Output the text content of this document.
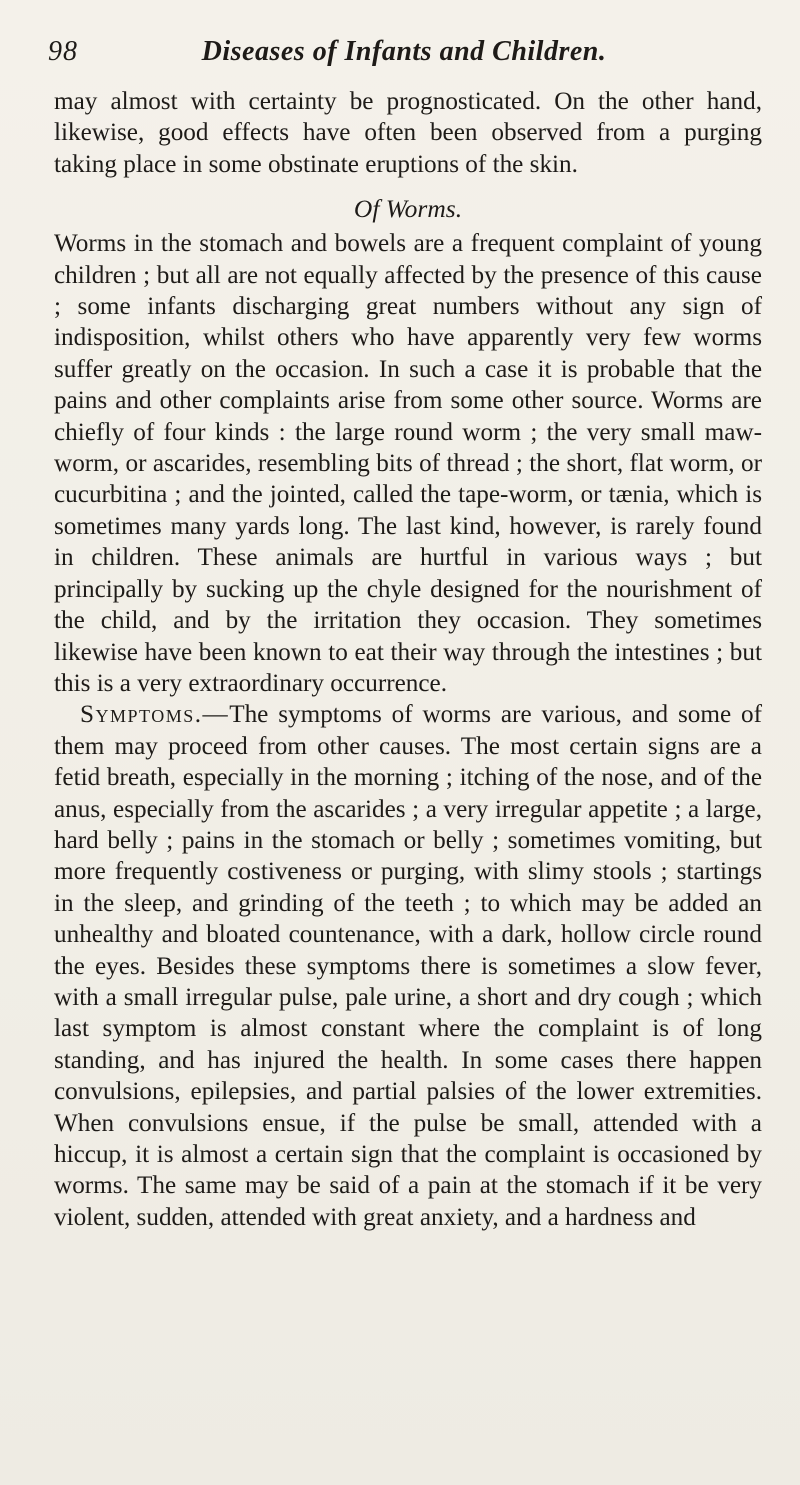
98	Diseases of Infants and Children.

may almost with certainty be prognosticated. On the other hand, likewise, good effects have often been observed from a purging taking place in some obstinate eruptions of the skin.

Of Worms.

Worms in the stomach and bowels are a frequent complaint of young children ; but all are not equally affected by the presence of this cause ; some infants discharging great numbers without any sign of indisposition, whilst others who have apparently very few worms suffer greatly on the occasion. In such a case it is probable that the pains and other complaints arise from some other source. Worms are chiefly of four kinds : the large round worm ; the very small maw-worm, or ascarides, resembling bits of thread ; the short, flat worm, or cucurbitina ; and the jointed, called the tape-worm, or tænia, which is sometimes many yards long. The last kind, however, is rarely found in children. These animals are hurtful in various ways ; but principally by sucking up the chyle designed for the nourishment of the child, and by the irritation they occasion. They sometimes likewise have been known to eat their way through the intestines ; but this is a very extraordinary occurrence.

Symptoms.—The symptoms of worms are various, and some of them may proceed from other causes. The most certain signs are a fetid breath, especially in the morning ; itching of the nose, and of the anus, especially from the ascarides ; a very irregular appetite ; a large, hard belly ; pains in the stomach or belly ; sometimes vomiting, but more frequently costiveness or purging, with slimy stools ; startings in the sleep, and grinding of the teeth ; to which may be added an unhealthy and bloated countenance, with a dark, hollow circle round the eyes. Besides these symptoms there is sometimes a slow fever, with a small irregular pulse, pale urine, a short and dry cough ; which last symptom is almost constant where the complaint is of long standing, and has injured the health. In some cases there happen convulsions, epilepsies, and partial palsies of the lower extremities. When convulsions ensue, if the pulse be small, attended with a hiccup, it is almost a certain sign that the complaint is occasioned by worms. The same may be said of a pain at the stomach if it be very violent, sudden, attended with great anxiety, and a hardness and
